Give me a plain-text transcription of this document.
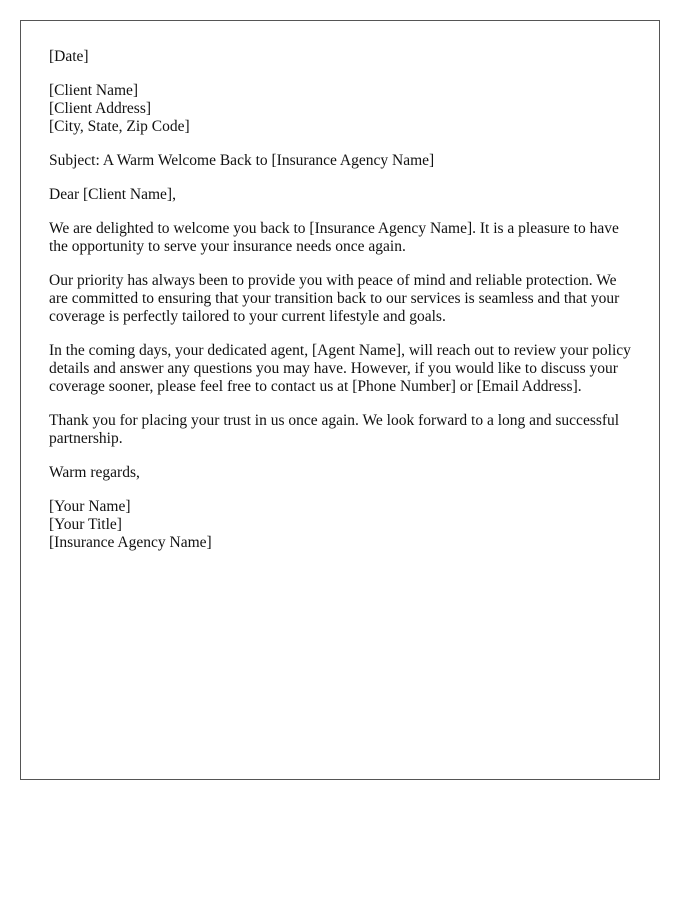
[Date]

[Client Name]
[Client Address]
[City, State, Zip Code]

Subject: A Warm Welcome Back to [Insurance Agency Name]

Dear [Client Name],

We are delighted to welcome you back to [Insurance Agency Name]. It is a pleasure to have the opportunity to serve your insurance needs once again.

Our priority has always been to provide you with peace of mind and reliable protection. We are committed to ensuring that your transition back to our services is seamless and that your coverage is perfectly tailored to your current lifestyle and goals.

In the coming days, your dedicated agent, [Agent Name], will reach out to review your policy details and answer any questions you may have. However, if you would like to discuss your coverage sooner, please feel free to contact us at [Phone Number] or [Email Address].

Thank you for placing your trust in us once again. We look forward to a long and successful partnership.

Warm regards,

[Your Name]
[Your Title]
[Insurance Agency Name]
